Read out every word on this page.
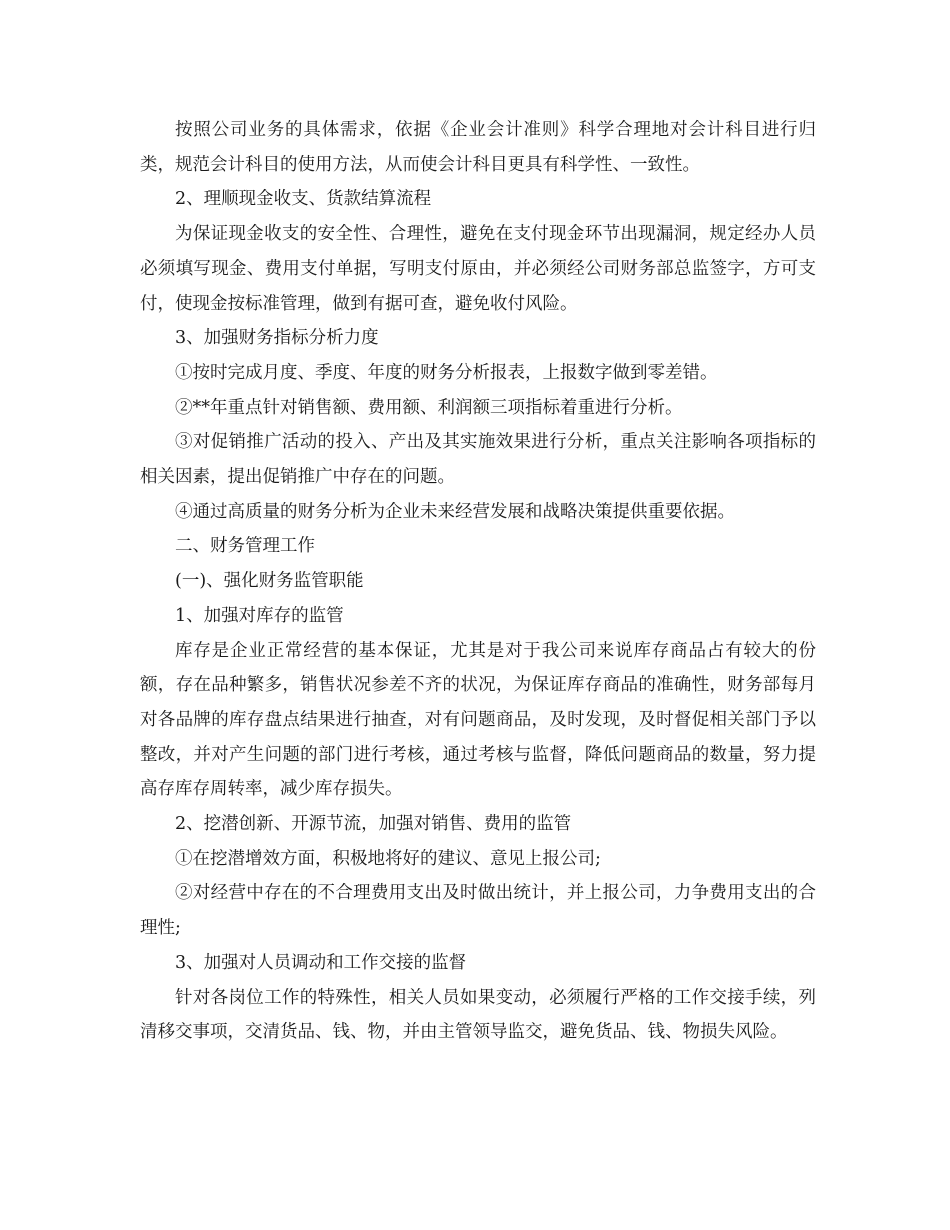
按照公司业务的具体需求，依据《企业会计准则》科学合理地对会计科目进行归类，规范会计科目的使用方法，从而使会计科目更具有科学性、一致性。

2、理顺现金收支、货款结算流程

为保证现金收支的安全性、合理性，避免在支付现金环节出现漏洞，规定经办人员必须填写现金、费用支付单据，写明支付原由，并必须经公司财务部总监签字，方可支付，使现金按标准管理，做到有据可查，避免收付风险。

3、加强财务指标分析力度

①按时完成月度、季度、年度的财务分析报表，上报数字做到零差错。

②**年重点针对销售额、费用额、利润额三项指标着重进行分析。

③对促销推广活动的投入、产出及其实施效果进行分析，重点关注影响各项指标的相关因素，提出促销推广中存在的问题。

④通过高质量的财务分析为企业未来经营发展和战略决策提供重要依据。

二、财务管理工作

(一)、强化财务监管职能

1、加强对库存的监管

库存是企业正常经营的基本保证，尤其是对于我公司来说库存商品占有较大的份额，存在品种繁多，销售状况参差不齐的状况，为保证库存商品的准确性，财务部每月对各品牌的库存盘点结果进行抽查，对有问题商品，及时发现，及时督促相关部门予以整改，并对产生问题的部门进行考核，通过考核与监督，降低问题商品的数量，努力提高存库存周转率，减少库存损失。

2、挖潜创新、开源节流，加强对销售、费用的监管

①在挖潜增效方面，积极地将好的建议、意见上报公司;

②对经营中存在的不合理费用支出及时做出统计，并上报公司，力争费用支出的合理性;

3、加强对人员调动和工作交接的监督

针对各岗位工作的特殊性，相关人员如果变动，必须履行严格的工作交接手续，列清移交事项，交清货品、钱、物，并由主管领导监交，避免货品、钱、物损失风险。
